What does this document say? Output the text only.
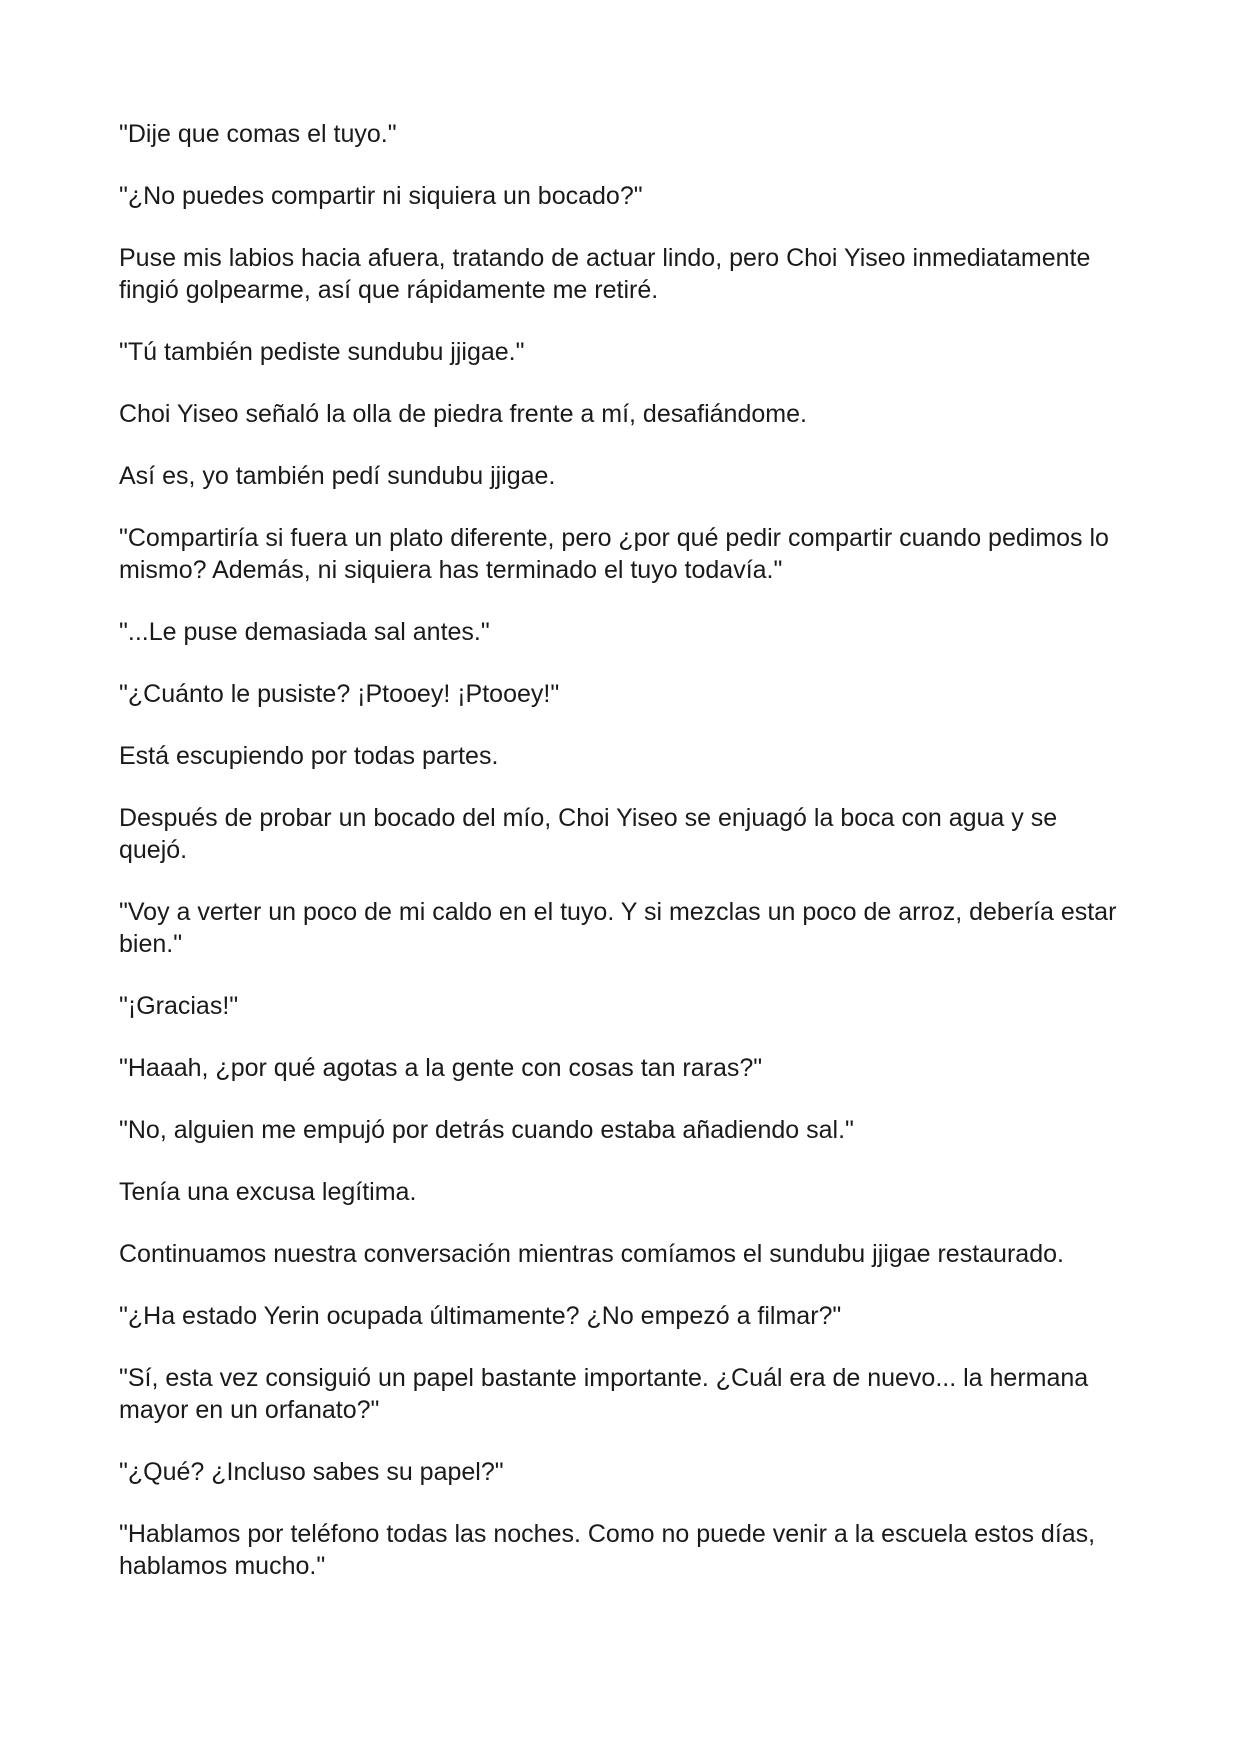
"Dije que comas el tuyo."

"¿No puedes compartir ni siquiera un bocado?"

Puse mis labios hacia afuera, tratando de actuar lindo, pero Choi Yiseo inmediatamente fingió golpearme, así que rápidamente me retiré.

"Tú también pediste sundubu jjigae."

Choi Yiseo señaló la olla de piedra frente a mí, desafiándome.

Así es, yo también pedí sundubu jjigae.

"Compartiría si fuera un plato diferente, pero ¿por qué pedir compartir cuando pedimos lo mismo? Además, ni siquiera has terminado el tuyo todavía."

"...Le puse demasiada sal antes."

"¿Cuánto le pusiste? ¡Ptooey! ¡Ptooey!"

Está escupiendo por todas partes.

Después de probar un bocado del mío, Choi Yiseo se enjuagó la boca con agua y se quejó.

"Voy a verter un poco de mi caldo en el tuyo. Y si mezclas un poco de arroz, debería estar bien."

"¡Gracias!"

"Haaah, ¿por qué agotas a la gente con cosas tan raras?"

"No, alguien me empujó por detrás cuando estaba añadiendo sal."

Tenía una excusa legítima.

Continuamos nuestra conversación mientras comíamos el sundubu jjigae restaurado.

"¿Ha estado Yerin ocupada últimamente? ¿No empezó a filmar?"

"Sí, esta vez consiguió un papel bastante importante. ¿Cuál era de nuevo... la hermana mayor en un orfanato?"

"¿Qué? ¿Incluso sabes su papel?"

"Hablamos por teléfono todas las noches. Como no puede venir a la escuela estos días, hablamos mucho."
